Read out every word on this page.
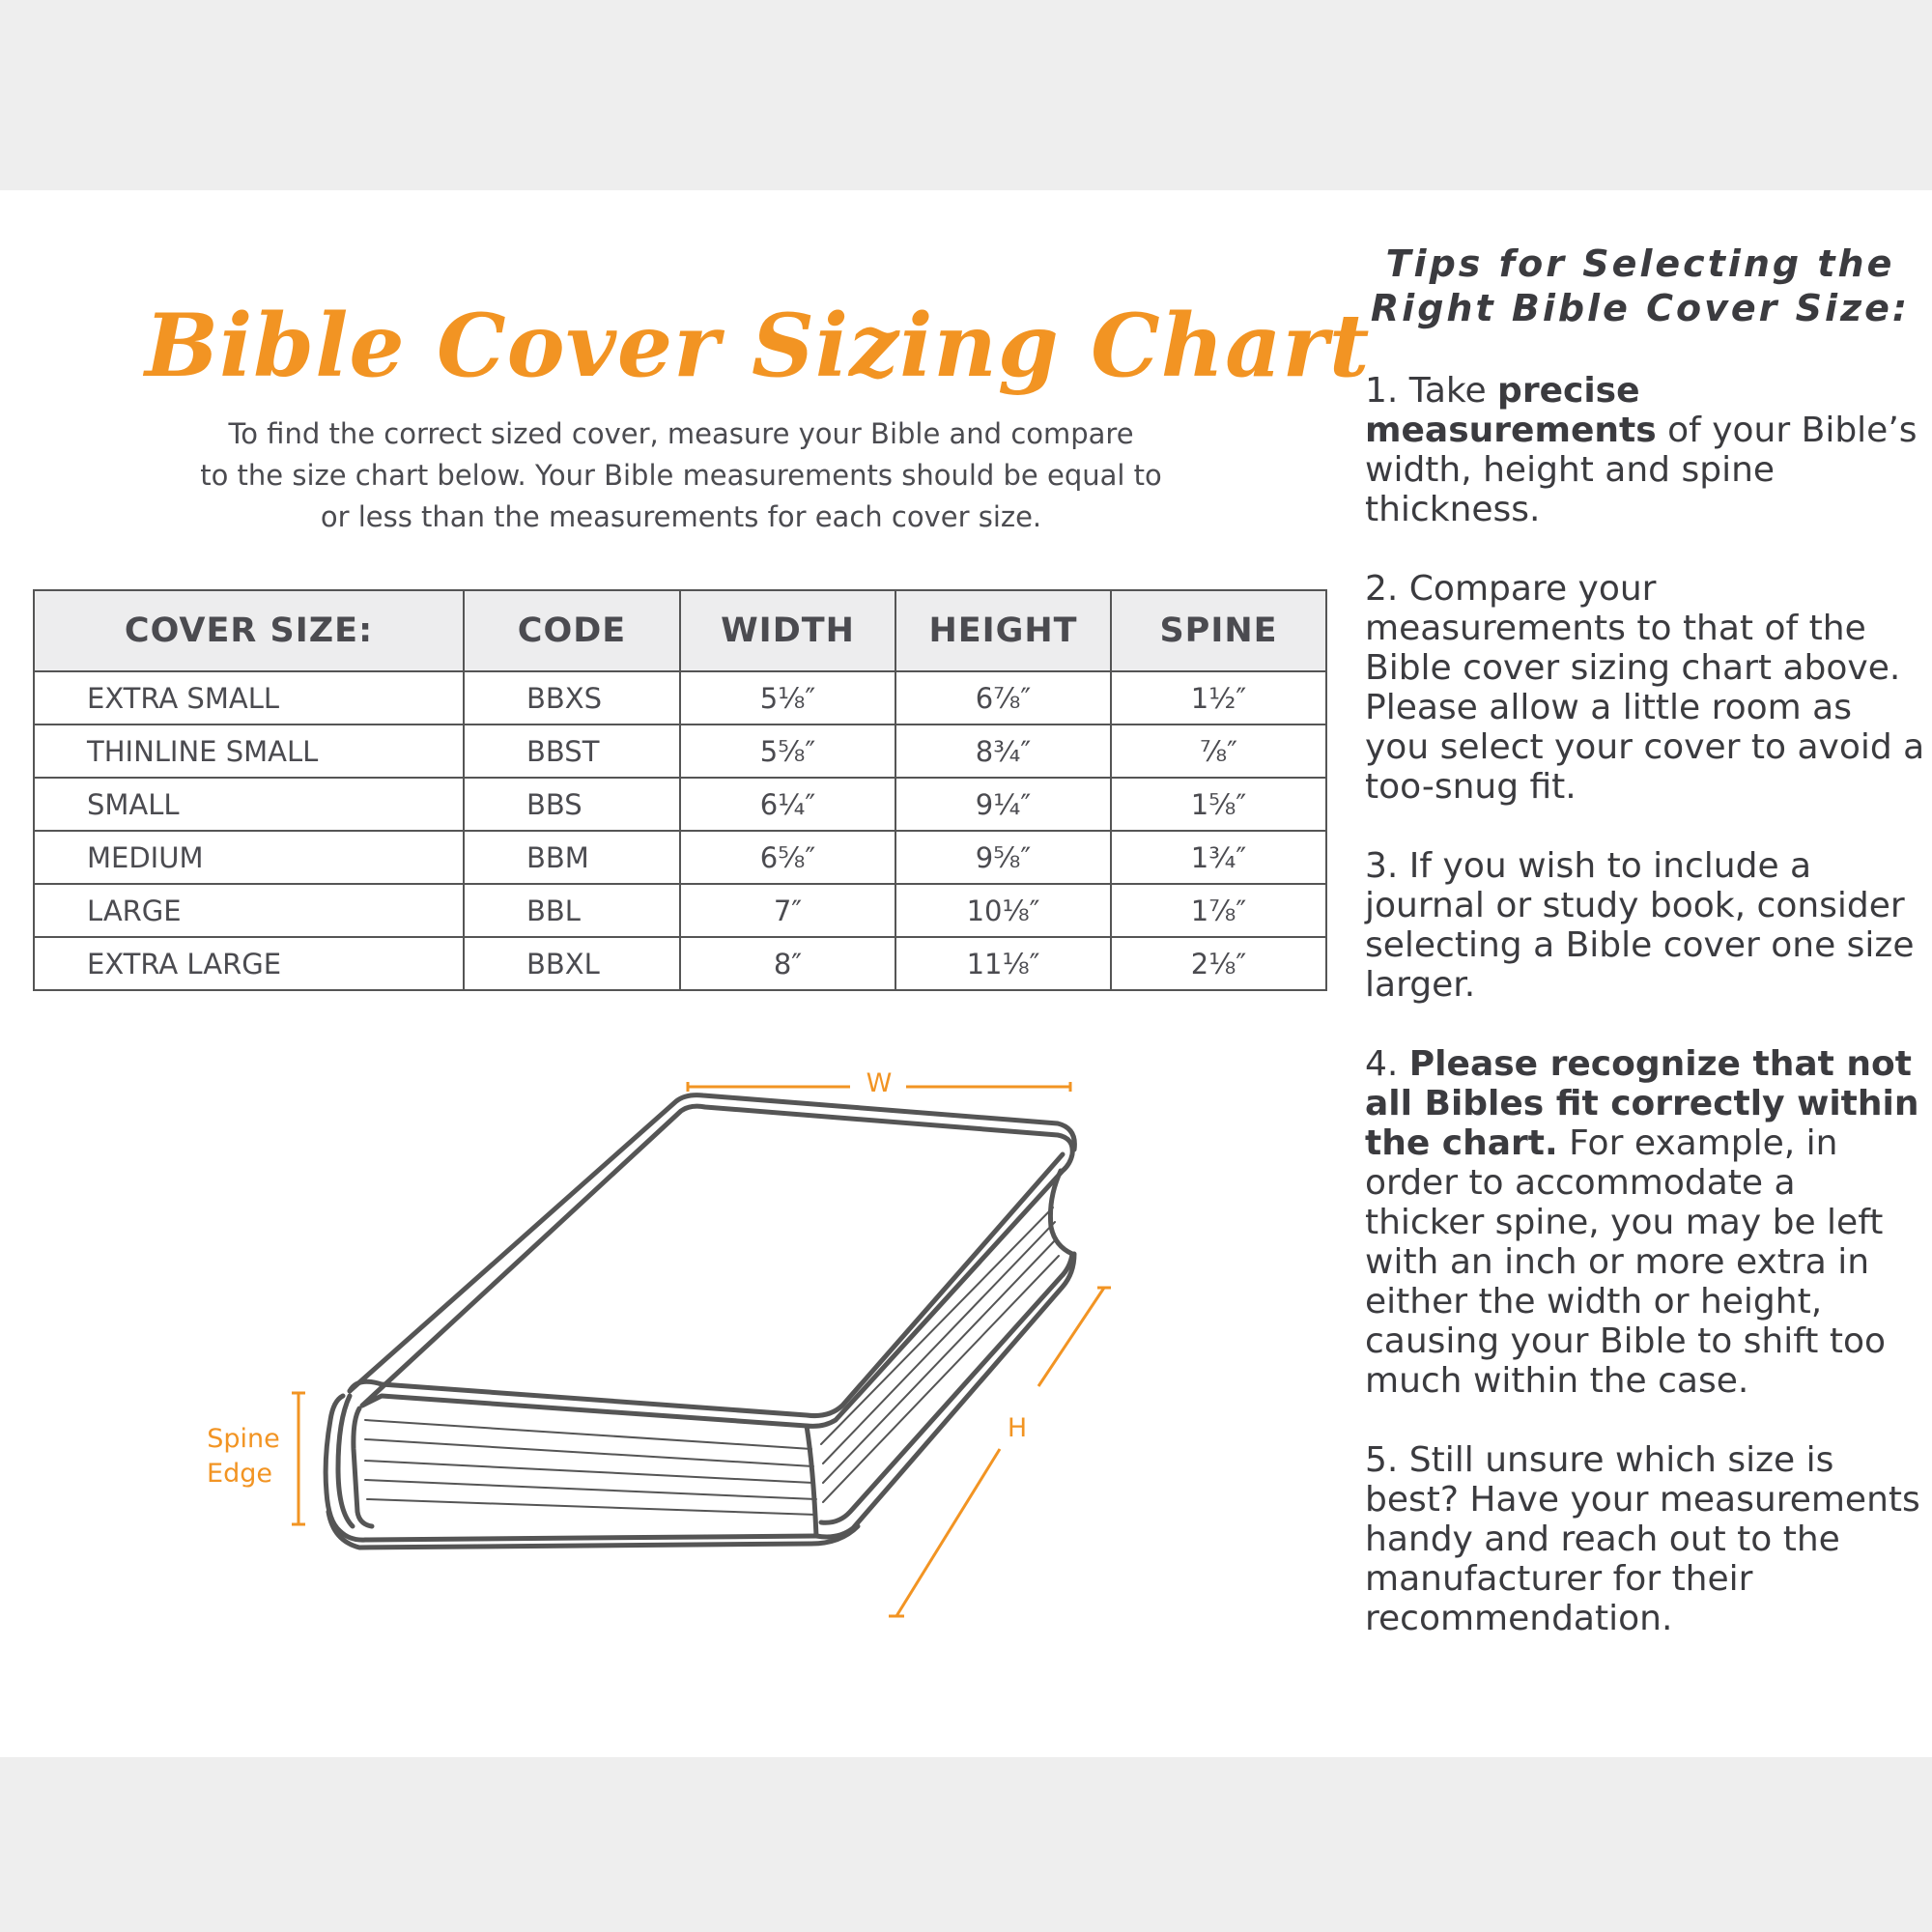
Bible Cover Sizing Chart
To find the correct sized cover, measure your Bible and compare
to the size chart below. Your Bible measurements should be equal to
or less than the measurements for each cover size.
COVER SIZE:	CODE	WIDTH	HEIGHT	SPINE
EXTRA SMALL	BBXS	5⅛″	6⅞″	1½″
THINLINE SMALL	BBST	5⅝″	8¾″	⅞″
SMALL	BBS	6¼″	9¼″	1⅝″
MEDIUM	BBM	6⅝″	9⅝″	1¾″
LARGE	BBL	7″	10⅛″	1⅞″
EXTRA LARGE	BBXL	8″	11⅛″	2⅛″
W
H
Spine
Edge
Tips for Selecting the
Right Bible Cover Size:

1. Take precise measurements of your Bible’s width, height and spine thickness.

2. Compare your measurements to that of the Bible cover sizing chart above. Please allow a little room as you select your cover to avoid a too-snug fit.

3. If you wish to include a journal or study book, consider selecting a Bible cover one size larger.

4. Please recognize that not all Bibles fit correctly within the chart. For example, in order to accommodate a thicker spine, you may be left with an inch or more extra in either the width or height, causing your Bible to shift too much within the case.

5. Still unsure which size is best? Have your measurements handy and reach out to the manufacturer for their recommendation.
